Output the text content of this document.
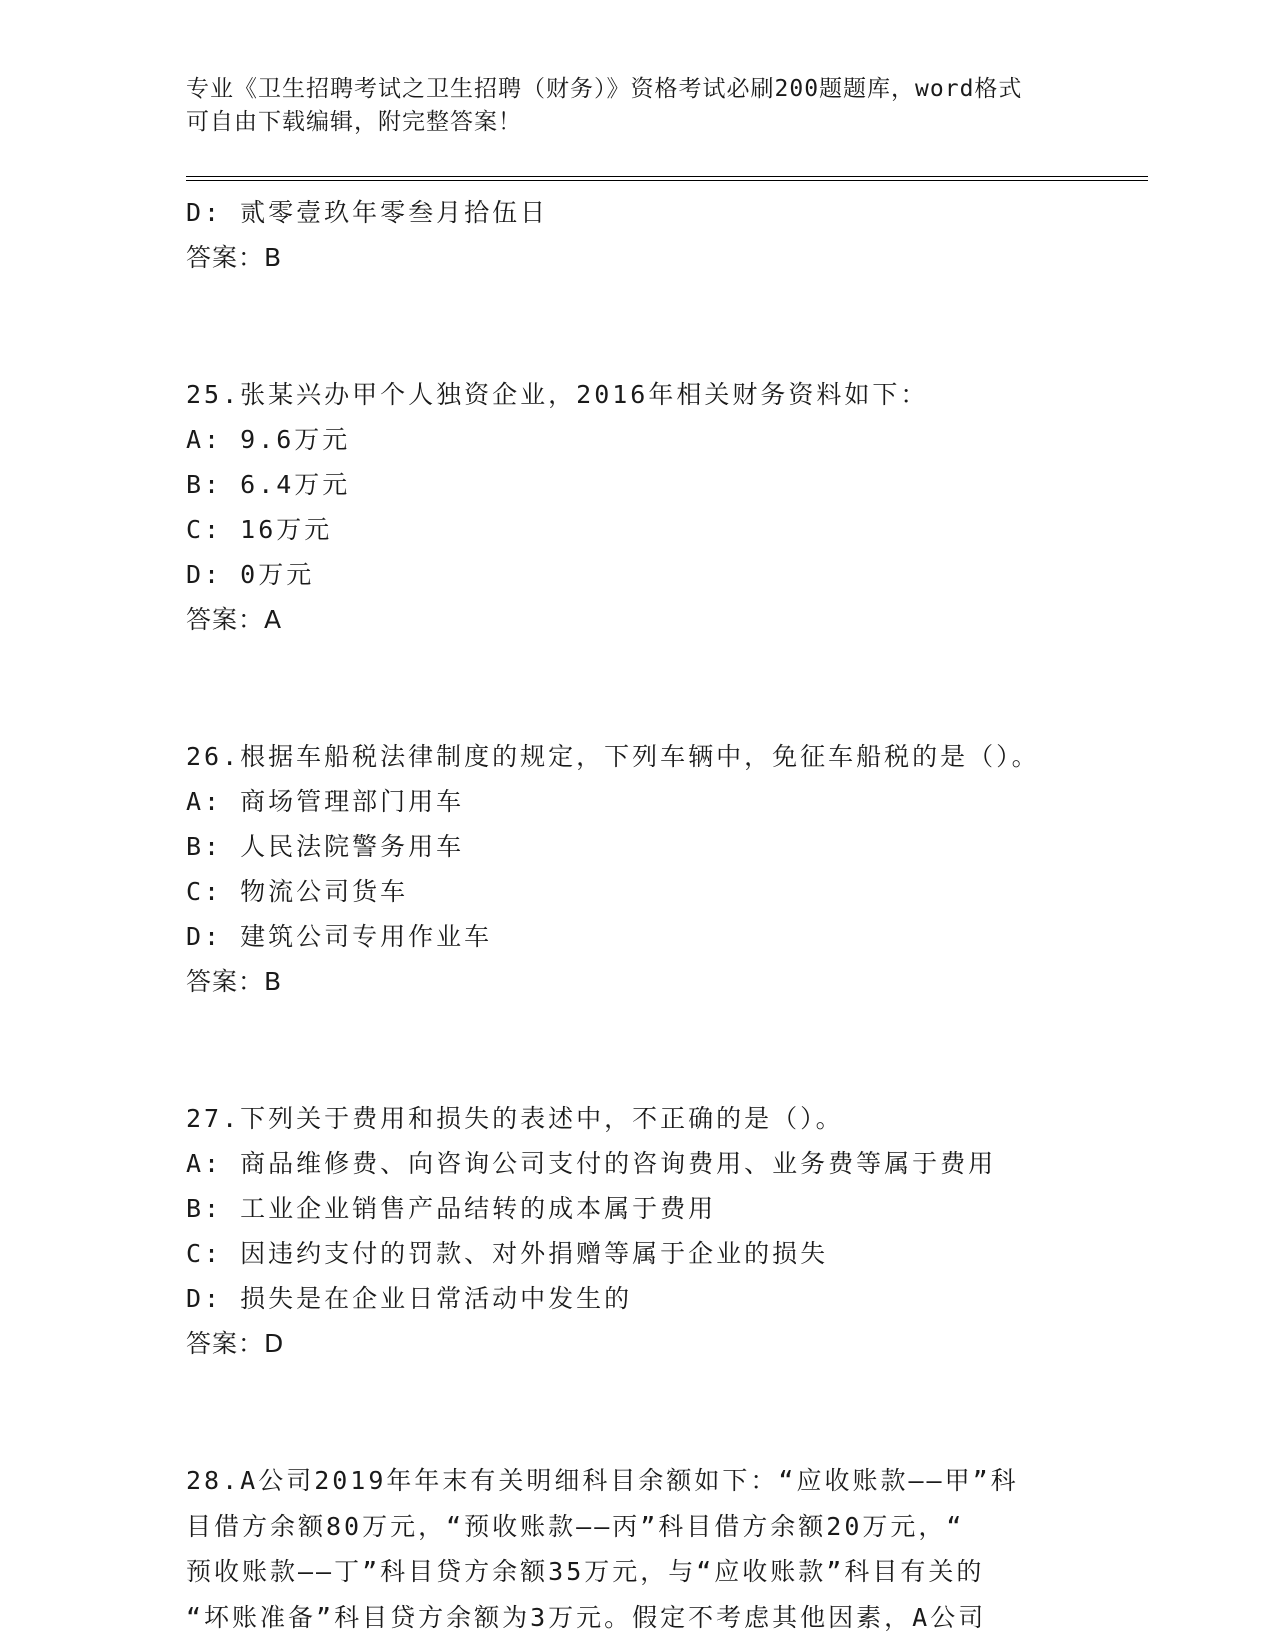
专业《卫生招聘考试之卫生招聘（财务）》资格考试必刷200题题库，word格式
可自由下载编辑，附完整答案！
D: 贰零壹玖年零叁月拾伍日
答案：B
25.张某兴办甲个人独资企业，2016年相关财务资料如下：
A: 9.6万元
B: 6.4万元
C: 16万元
D: 0万元
答案：A
26.根据车船税法律制度的规定，下列车辆中，免征车船税的是（）。
A: 商场管理部门用车
B: 人民法院警务用车
C: 物流公司货车
D: 建筑公司专用作业车
答案：B
27.下列关于费用和损失的表述中，不正确的是（）。
A: 商品维修费、向咨询公司支付的咨询费用、业务费等属于费用
B: 工业企业销售产品结转的成本属于费用
C: 因违约支付的罚款、对外捐赠等属于企业的损失
D: 损失是在企业日常活动中发生的
答案：D
28.A公司2019年年末有关明细科目余额如下：“应收账款——甲”科
目借方余额80万元，“预收账款——丙”科目借方余额20万元，“
预收账款——丁”科目贷方余额35万元，与“应收账款”科目有关的
“坏账准备”科目贷方余额为3万元。假定不考虑其他因素，A公司
